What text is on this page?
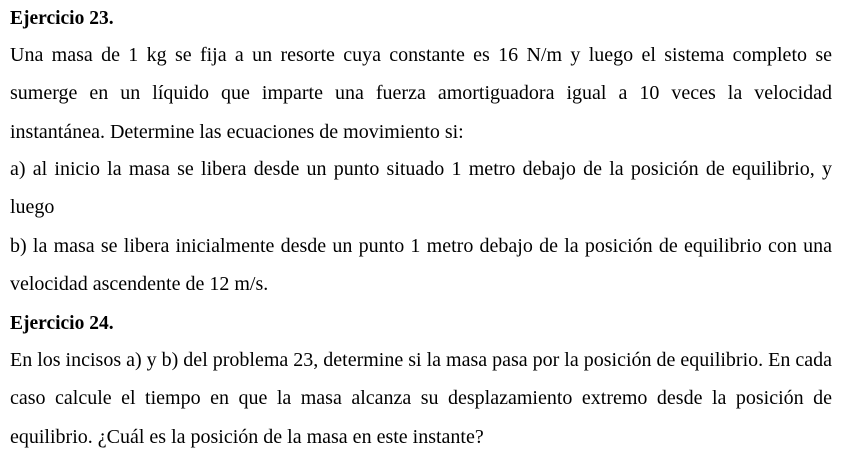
Ejercicio 23.

Una masa de 1 kg se fija a un resorte cuya constante es 16 N/m y luego el sistema completo se sumerge en un líquido que imparte una fuerza amortiguadora igual a 10 veces la velocidad instantánea. Determine las ecuaciones de movimiento si:

a) al inicio la masa se libera desde un punto situado 1 metro debajo de la posición de equilibrio, y luego

b) la masa se libera inicialmente desde un punto 1 metro debajo de la posición de equilibrio con una velocidad ascendente de 12 m/s.

Ejercicio 24.

En los incisos a) y b) del problema 23, determine si la masa pasa por la posición de equilibrio. En cada caso calcule el tiempo en que la masa alcanza su desplazamiento extremo desde la posición de equilibrio. ¿Cuál es la posición de la masa en este instante?
